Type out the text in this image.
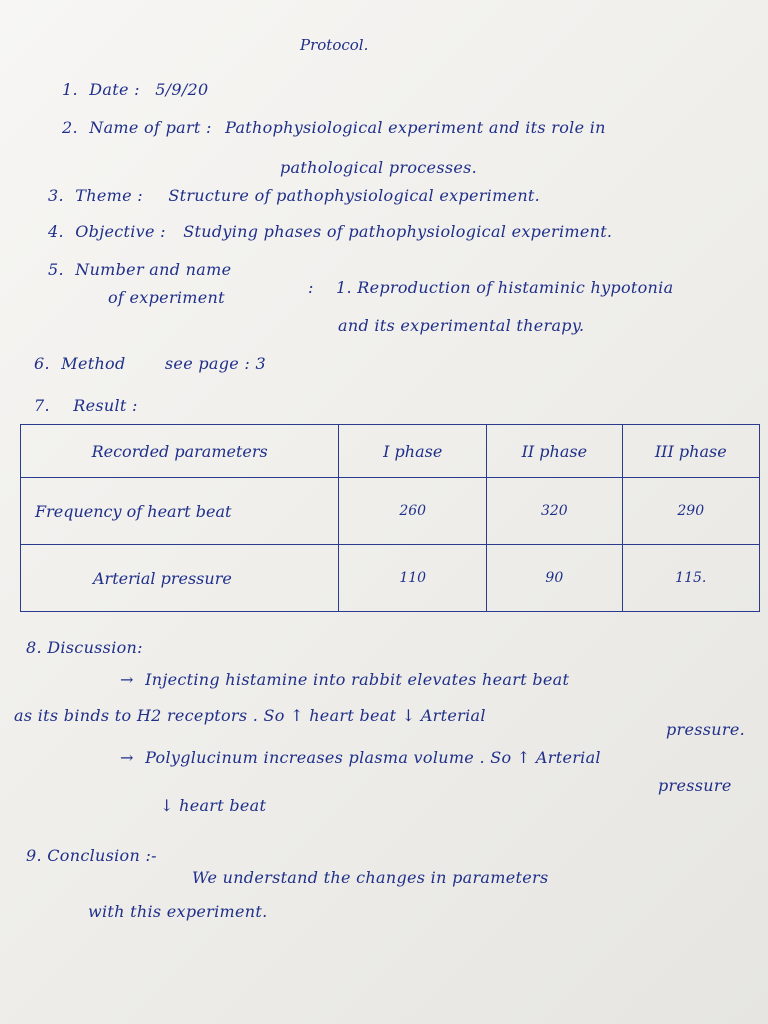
Protocol.
1. Date : 5/9/20
2. Name of part : Pathophysiological experiment and its role in
pathological processes.
3. Theme : Structure of pathophysiological experiment.
4. Objective : Studying phases of pathophysiological experiment.
5. Number and name
of experiment
: 1. Reproduction of histaminic hypotonia
and its experimental therapy.
6. Method see page : 3
7. Result :
Recorded parameters	I phase	II phase	III phase
Frequency of heart beat	260	320	290
Arterial pressure	110	90	115.
8. Discussion:
→ Injecting histamine into rabbit elevates heart beat
as its binds to H2 receptors . So ↑ heart beat ↓ Arterial
pressure.
→ Polyglucinum increases plasma volume . So ↑ Arterial
pressure
↓ heart beat
9. Conclusion :-
We understand the changes in parameters
with this experiment.
